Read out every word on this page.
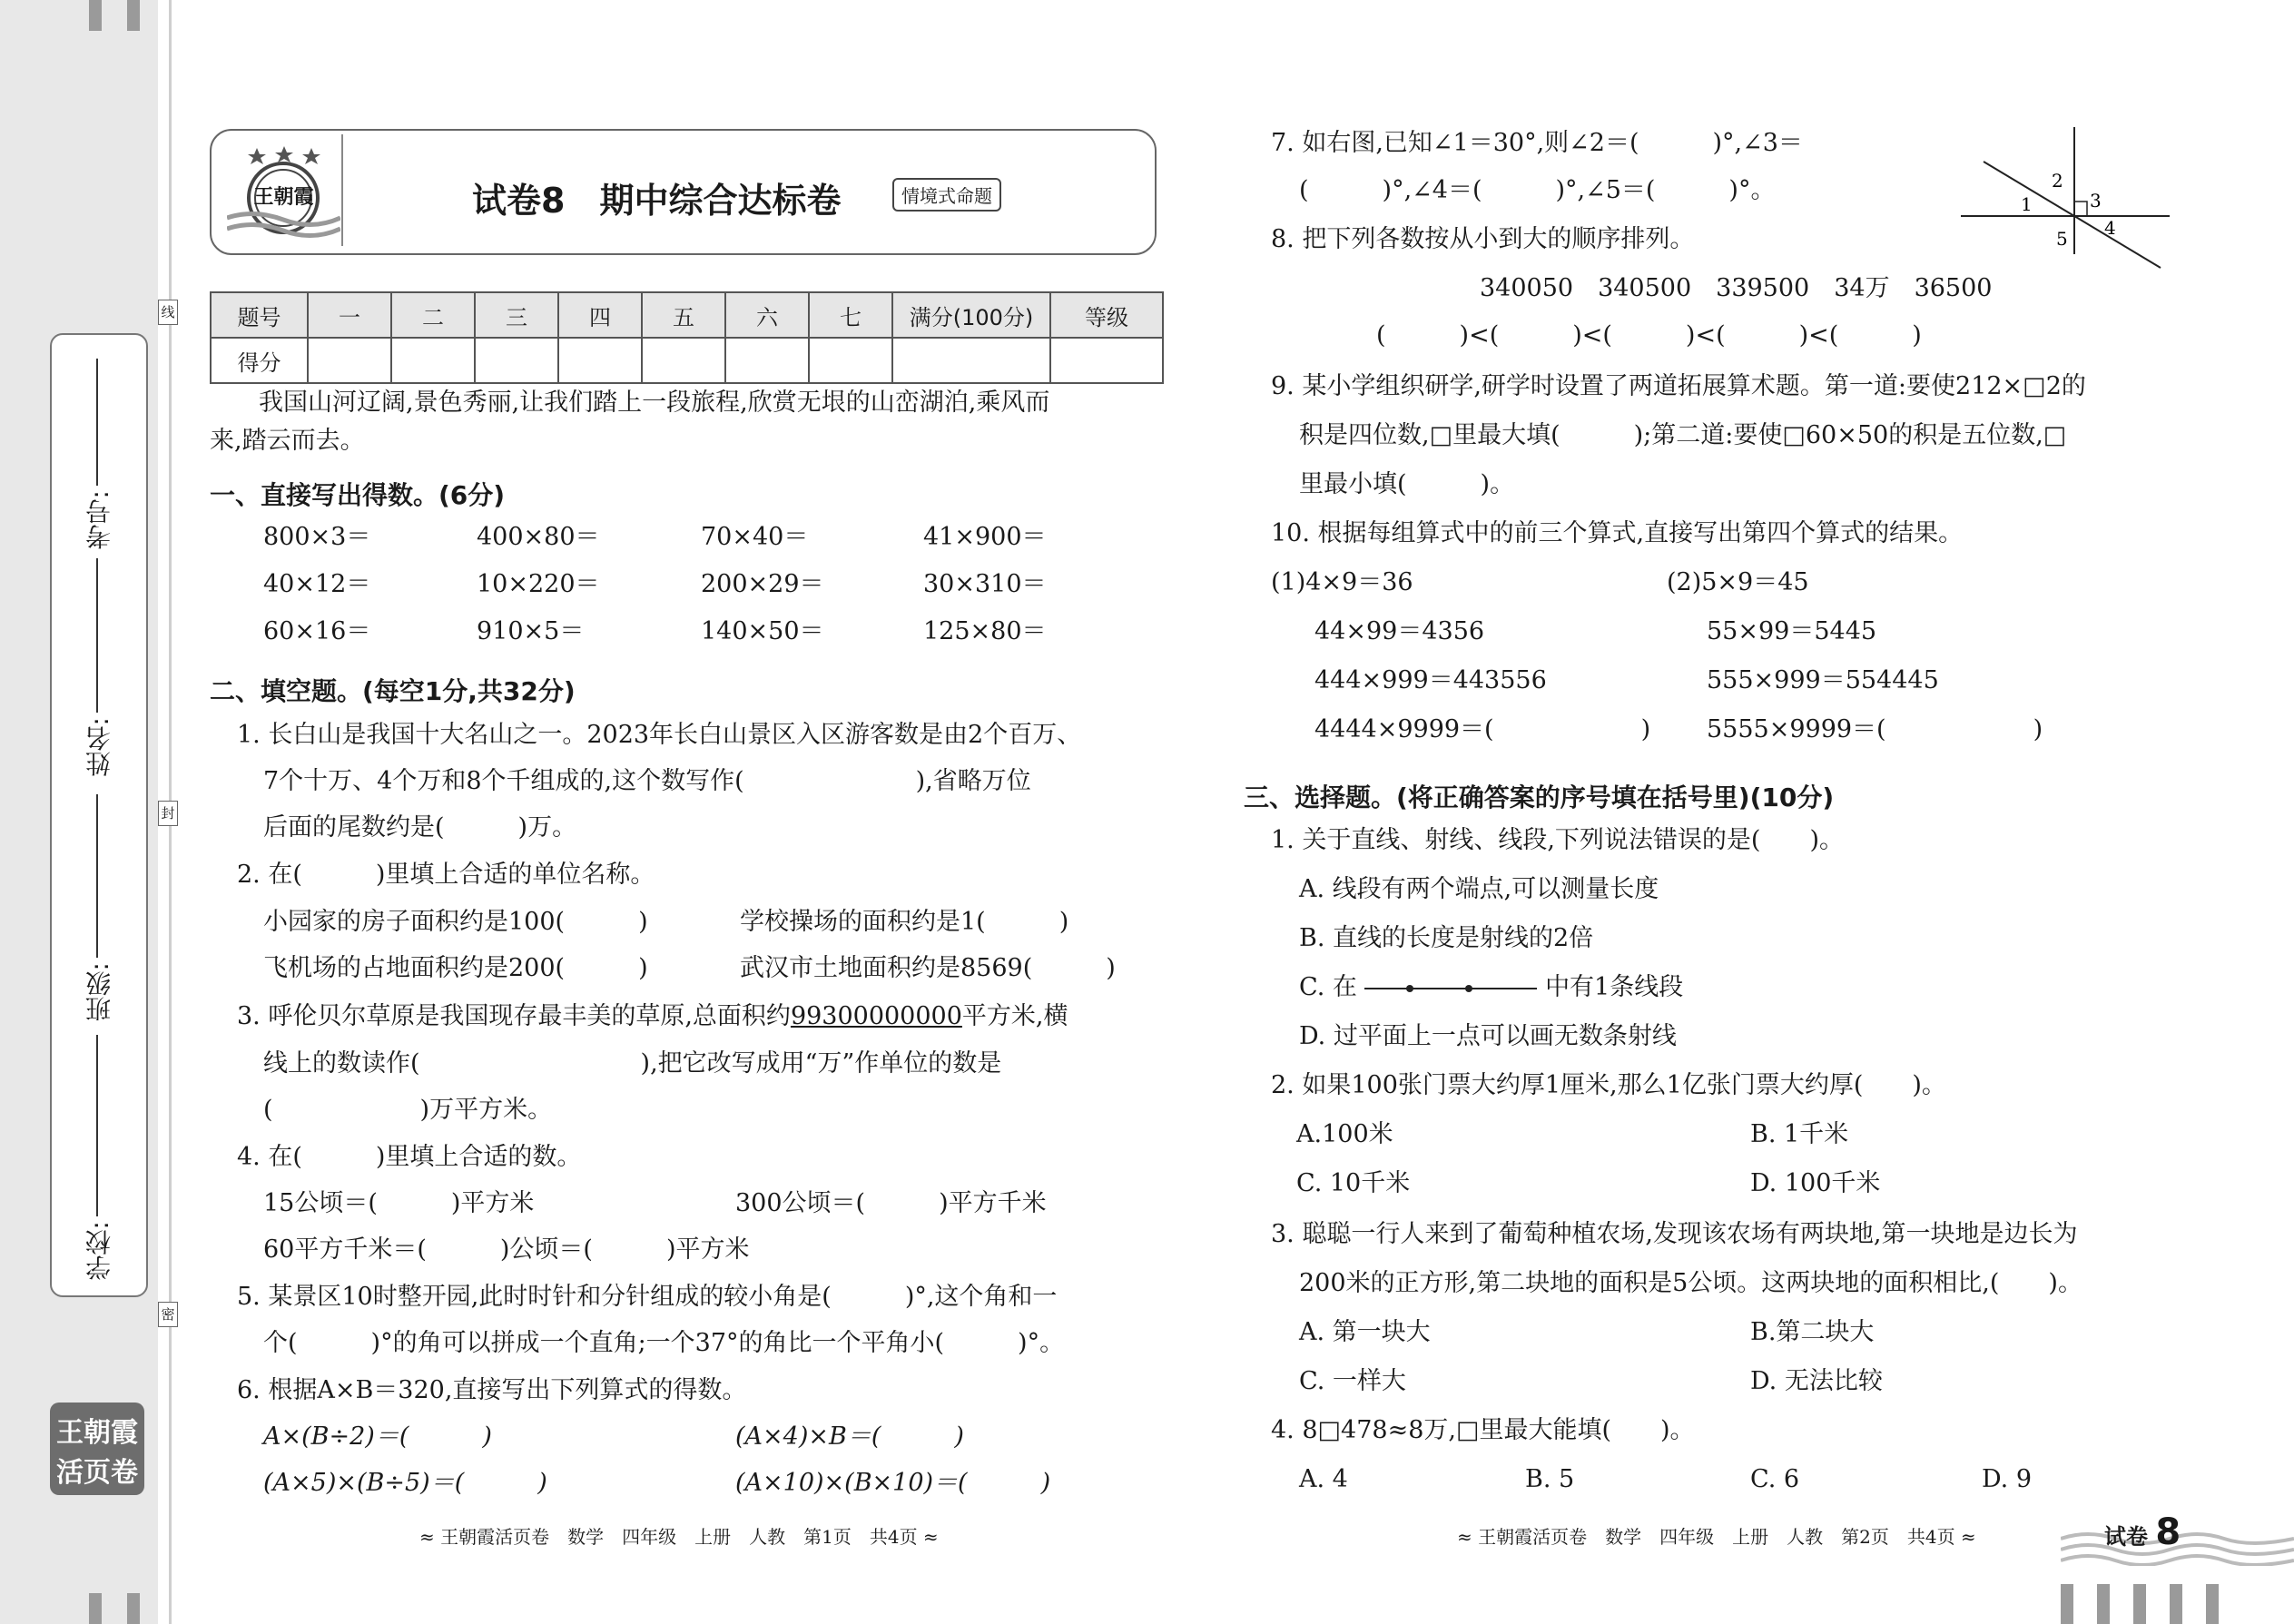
考号:
姓名:
班级:
学校:
线
封
密
王朝霞
活页卷
王朝霞	试卷8　期中综合达标卷	情境式命题
题号	一	二	三	四	五	六	七	满分(100分)	等级
得分									
我国山河辽阔,景色秀丽,让我们踏上一段旅程,欣赏无垠的山峦湖泊,乘风而
来,踏云而去。
一、直接写出得数。(6分)
800×3＝	400×80＝	70×40＝	41×900＝
40×12＝	10×220＝	200×29＝	30×310＝
60×16＝	910×5＝	140×50＝	125×80＝
二、填空题。(每空1分,共32分)
1. 长白山是我国十大名山之一。2023年长白山景区入区游客数是由2个百万、
7个十万、4个万和8个千组成的,这个数写作(　　　　　　　),省略万位
后面的尾数约是(　　　)万。
2. 在(　　　)里填上合适的单位名称。
小园家的房子面积约是100(　　　)	学校操场的面积约是1(　　　)
飞机场的占地面积约是200(　　　)	武汉市土地面积约是8569(　　　)
3. 呼伦贝尔草原是我国现存最丰美的草原,总面积约99300000000平方米,横
线上的数读作(　　　　　　　　　),把它改写成用“万”作单位的数是
(　　　　　　)万平方米。
4. 在(　　　)里填上合适的数。
15公顷＝(　　　)平方米	300公顷＝(　　　)平方千米
60平方千米＝(　　　)公顷＝(　　　)平方米
5. 某景区10时整开园,此时时针和分针组成的较小角是(　　　)°,这个角和一
个(　　　)°的角可以拼成一个直角;一个37°的角比一个平角小(　　　)°。
6. 根据A×B＝320,直接写出下列算式的得数。
A×(B÷2)＝(　　　)	(A×4)×B＝(　　　)
(A×5)×(B÷5)＝(　　　)	(A×10)×(B×10)＝(　　　)
≈ 王朝霞活页卷　数学　四年级　上册　人教　第1页　共4页 ≈
7. 如右图,已知∠1＝30°,则∠2＝(　　　)°,∠3＝
(　　　)°,∠4＝(　　　)°,∠5＝(　　　)°。	1
2
3
4
5
8. 把下列各数按从小到大的顺序排列。
340050　340500　339500　34万　36500
(　　　)<(　　　)<(　　　)<(　　　)<(　　　)
9. 某小学组织研学,研学时设置了两道拓展算术题。第一道:要使212×□2的
积是四位数,□里最大填(　　　);第二道:要使□60×50的积是五位数,□
里最小填(　　　)。
10. 根据每组算式中的前三个算式,直接写出第四个算式的结果。
(1)4×9＝36	(2)5×9＝45
44×99＝4356	55×99＝5445
444×999＝443556	555×999＝554445
4444×9999＝(　　　　　　) 5555×9999＝(　　　　　　)
三、选择题。(将正确答案的序号填在括号里)(10分)
1. 关于直线、射线、线段,下列说法错误的是(　　)。
A. 线段有两个端点,可以测量长度
B. 直线的长度是射线的2倍
C. 在	中有1条线段
D. 过平面上一点可以画无数条射线
2. 如果100张门票大约厚1厘米,那么1亿张门票大约厚(　　)。
A.100米	B. 1千米
C. 10千米	D. 100千米
3. 聪聪一行人来到了葡萄种植农场,发现该农场有两块地,第一块地是边长为
200米的正方形,第二块地的面积是5公顷。这两块地的面积相比,(　　)。
A. 第一块大	B.第二块大
C. 一样大	D. 无法比较
4. 8□478≈8万,□里最大能填(　　)。
A. 4	B. 5	C. 6	D. 9
≈ 王朝霞活页卷　数学　四年级　上册　人教　第2页　共4页 ≈	试卷 8
